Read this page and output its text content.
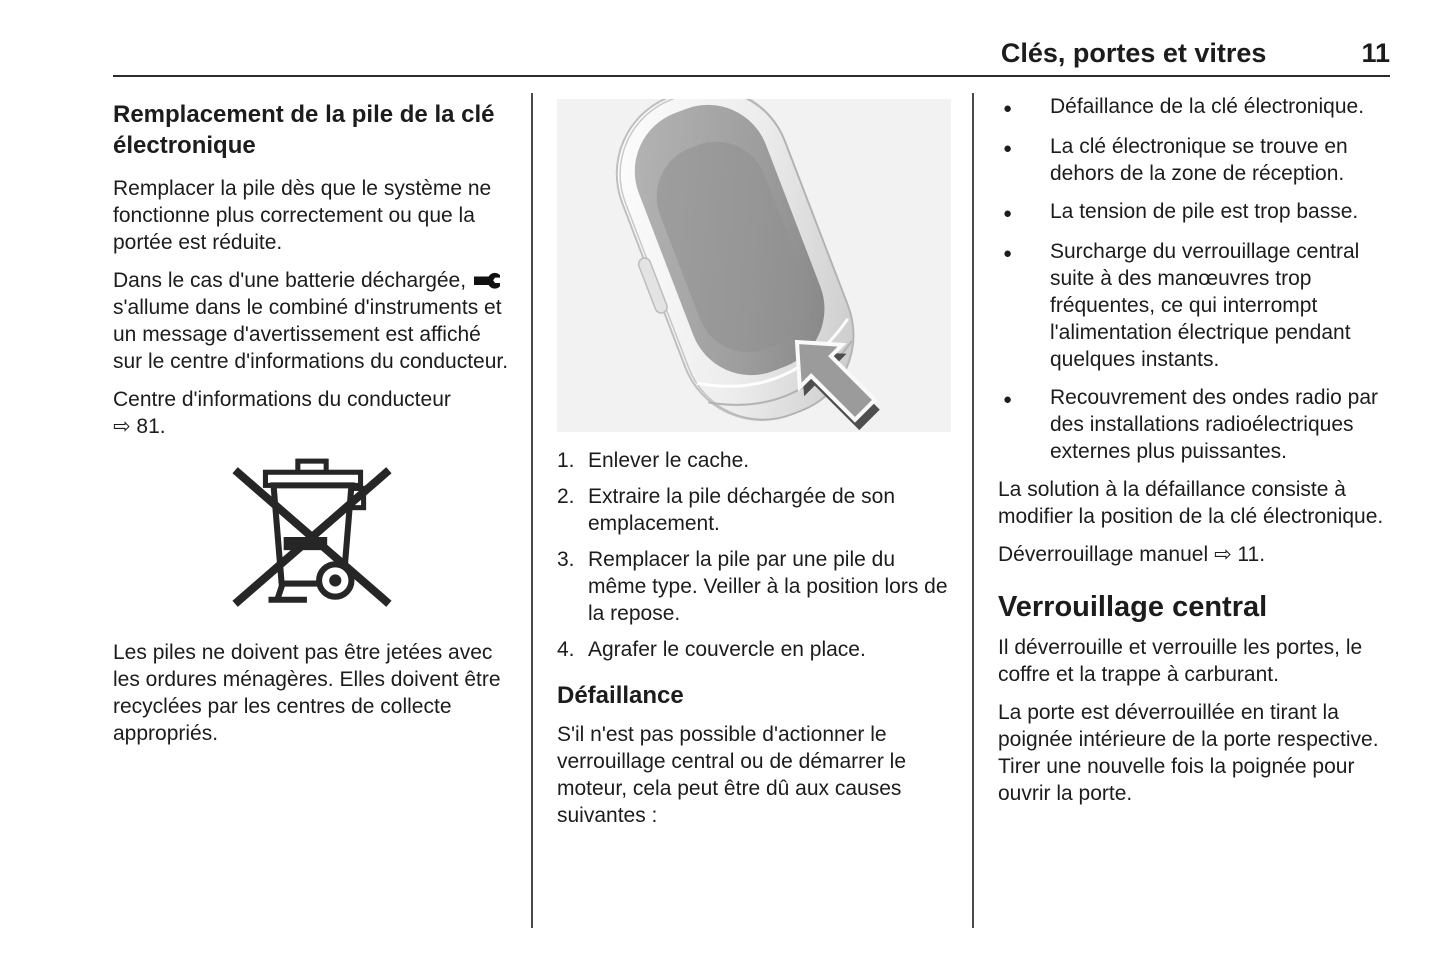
Clés, portes et vitres	11
Remplacement de la pile de la clé électronique

Remplacer la pile dès que le système ne fonctionne plus correctement ou que la portée est réduite.

Dans le cas d'une batterie déchargée,  s'allume dans le combiné d'instruments et un message d'avertissement est affiché sur le centre d'informations du conducteur.

Centre d'informations du conducteur
⇨ 81.

Les piles ne doivent pas être jetées avec les ordures ménagères. Elles doivent être recyclées par les centres de collecte appropriés.

1. Enlever le cache.
2. Extraire la pile déchargée de son emplacement.
3. Remplacer la pile par une pile du même type. Veiller à la position lors de la repose.
4. Agrafer le couvercle en place.
Défaillance

S'il n'est pas possible d'actionner le verrouillage central ou de démarrer le moteur, cela peut être dû aux causes suivantes :

●	Défaillance de la clé électronique.
●	La clé électronique se trouve en dehors de la zone de réception.
●	La tension de pile est trop basse.
●	Surcharge du verrouillage central suite à des manœuvres trop fréquentes, ce qui interrompt l'alimentation électrique pendant quelques instants.
●	Recouvrement des ondes radio par des installations radioélectriques externes plus puissantes.

La solution à la défaillance consiste à modifier la position de la clé électronique.

Déverrouillage manuel ⇨ 11.

Verrouillage central

Il déverrouille et verrouille les portes, le coffre et la trappe à carburant.

La porte est déverrouillée en tirant la poignée intérieure de la porte respective. Tirer une nouvelle fois la poignée pour ouvrir la porte.
